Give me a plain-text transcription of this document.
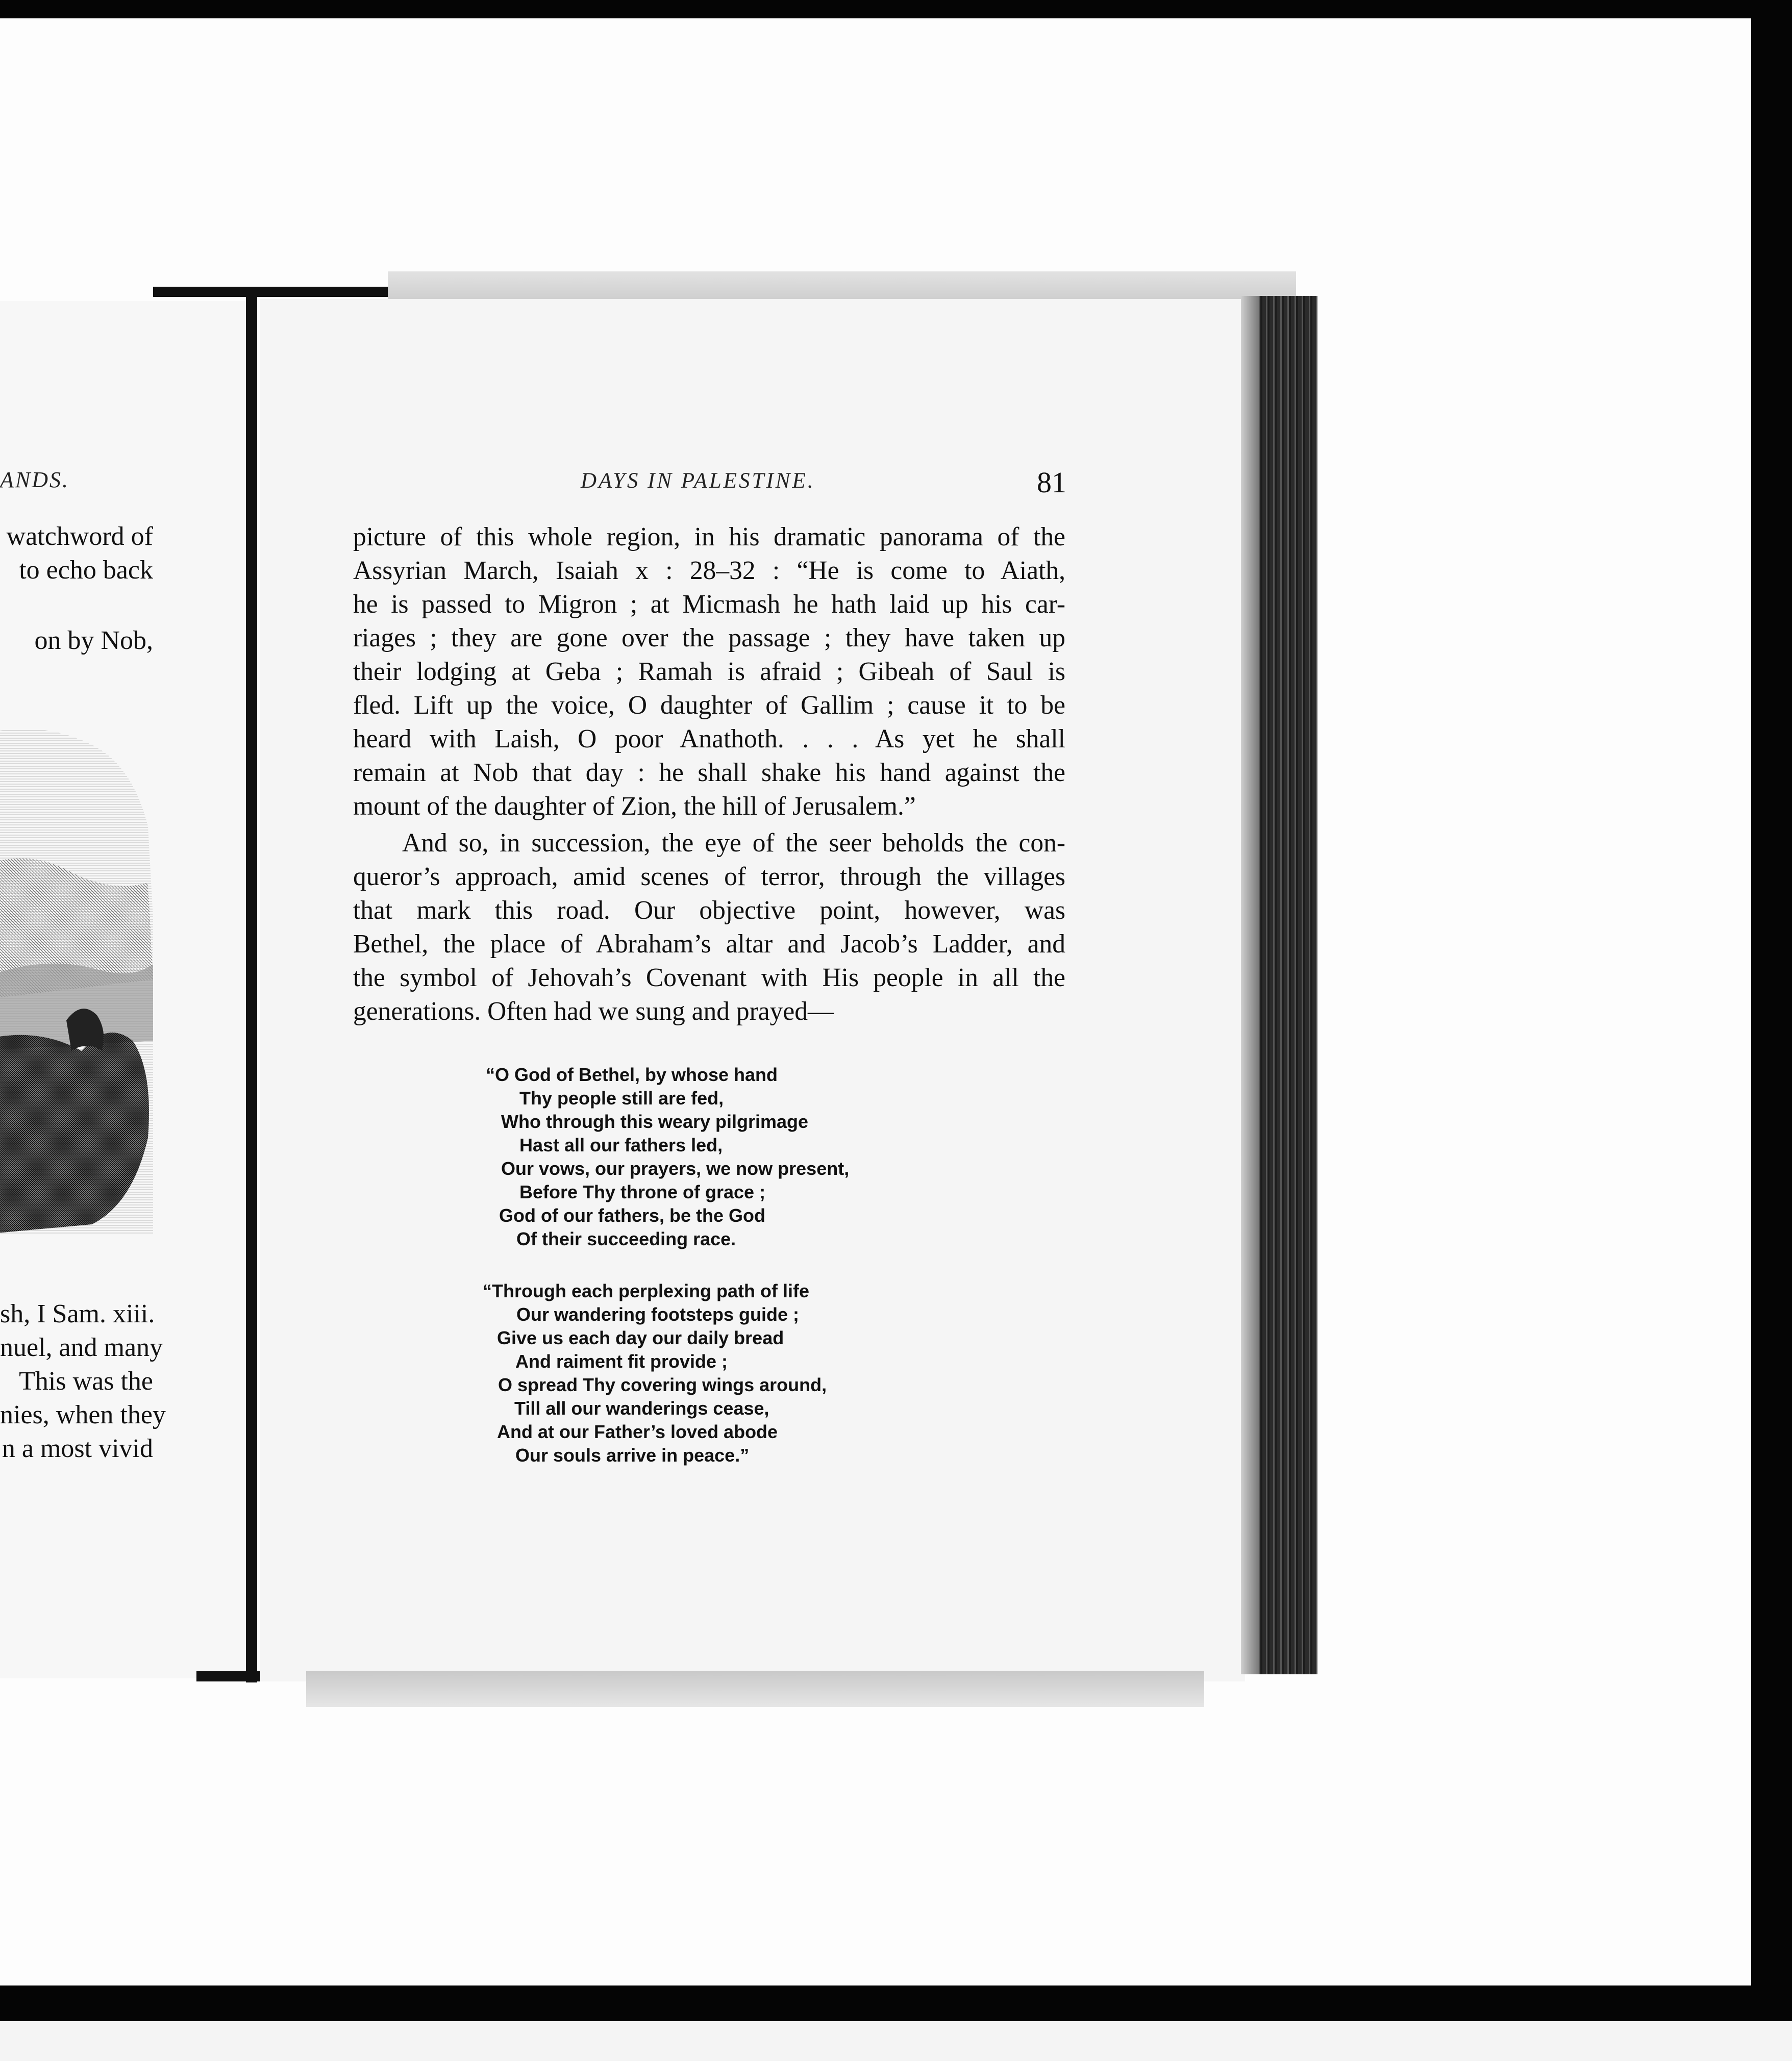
ANDS.
watchword of
to echo back
on by Nob,
sh, I Sam. xiii.
nuel, and many
This was the
nies, when they
n a most vivid
DAYS IN PALESTINE.	81
picture of this whole region, in his dramatic panorama of the
Assyrian March, Isaiah x : 28–32 : “He is come to Aiath,
he is passed to Migron ; at Micmash he hath laid up his car-
riages ; they are gone over the passage ; they have taken up
their lodging at Geba ; Ramah is afraid ; Gibeah of Saul is
fled. Lift up the voice, O daughter of Gallim ; cause it to be
heard with Laish, O poor Anathoth. . . . As yet he shall
remain at Nob that day : he shall shake his hand against the
mount of the daughter of Zion, the hill of Jerusalem.”
And so, in succession, the eye of the seer beholds the con-
queror’s approach, amid scenes of terror, through the villages
that mark this road. Our objective point, however, was
Bethel, the place of Abraham’s altar and Jacob’s Ladder, and
the symbol of Jehovah’s Covenant with His people in all the
generations. Often had we sung and prayed—
“O God of Bethel, by whose hand
Thy people still are fed,
Who through this weary pilgrimage
Hast all our fathers led,
Our vows, our prayers, we now present,
Before Thy throne of grace ;
God of our fathers, be the God
Of their succeeding race.
“Through each perplexing path of life
Our wandering footsteps guide ;
Give us each day our daily bread
And raiment fit provide ;
O spread Thy covering wings around,
Till all our wanderings cease,
And at our Father’s loved abode
Our souls arrive in peace.”
